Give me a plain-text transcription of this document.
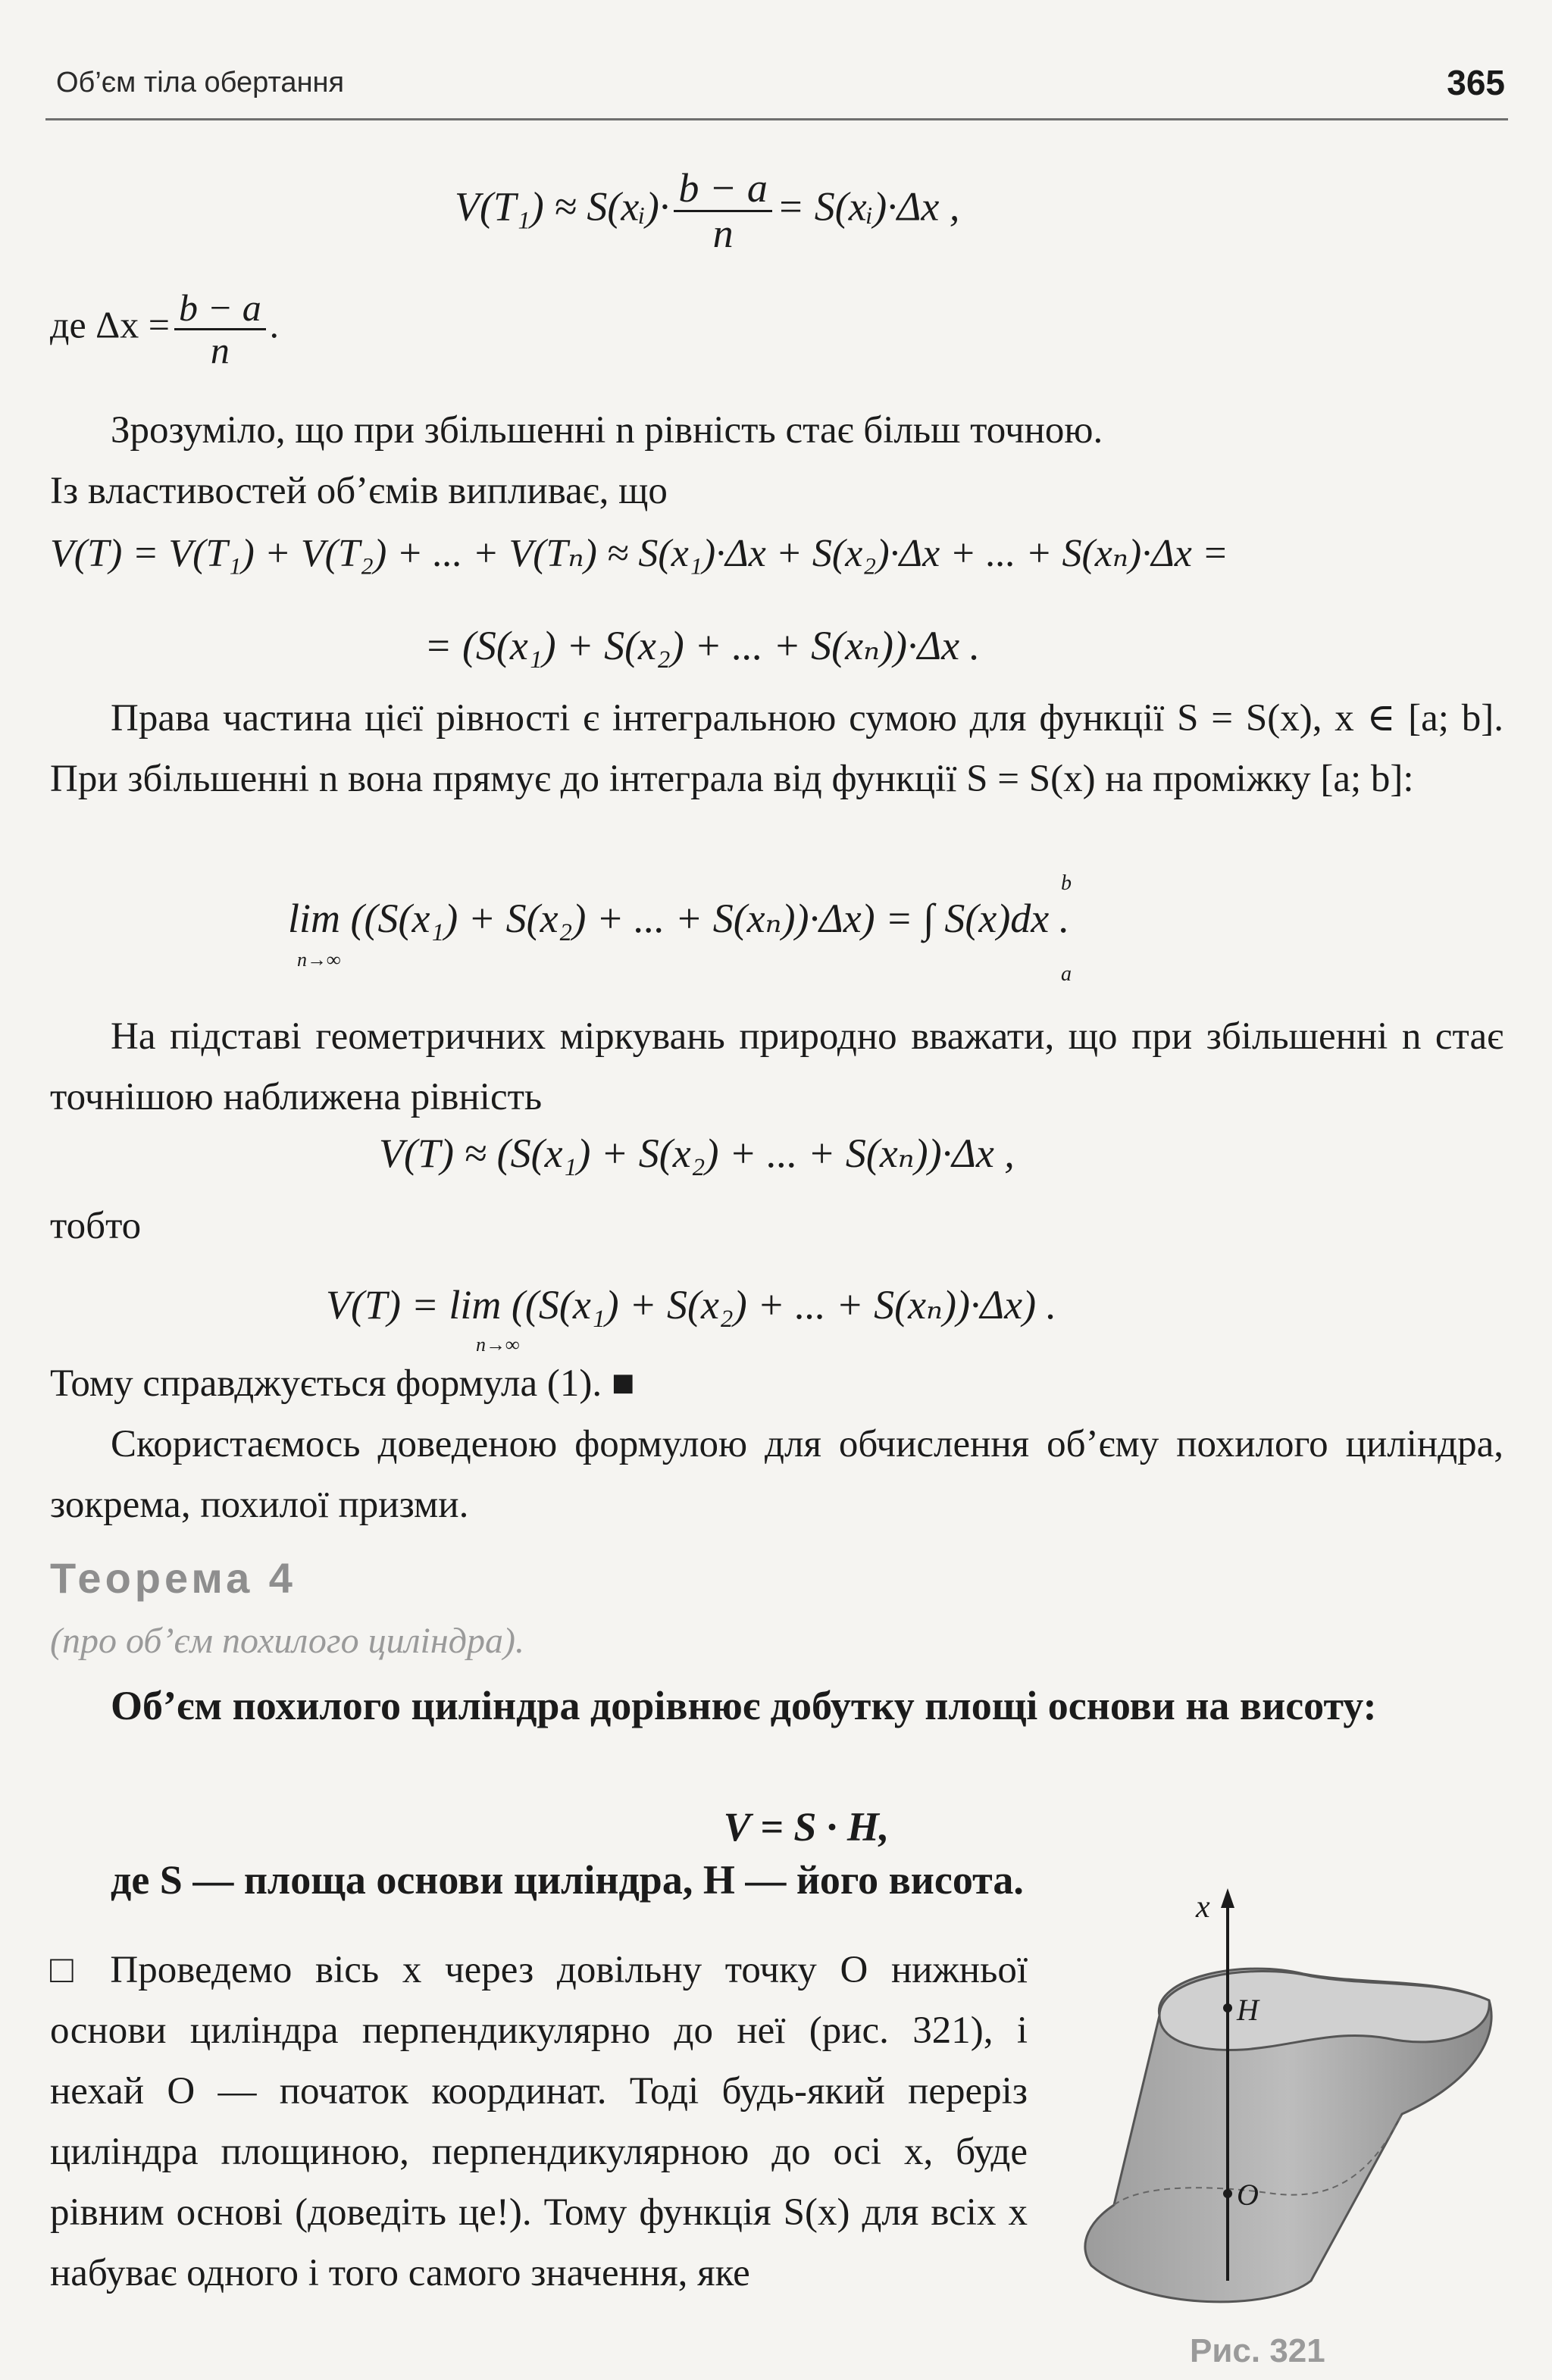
Об’єм тіла обертання	365
V(T₁) ≈ S(xᵢ)· $\frac{b - a}{n}$ = S(xᵢ)·Δx ,
де $\Delta x = \frac{b - a}{n}$ .
Зрозуміло, що при збільшенні n рівність стає більш точною.
Із властивостей об’ємів випливає, що
V(T) = V(T₁) + V(T₂) + ... + V(Tₙ) ≈ S(x₁)·Δx + S(x₂)·Δx + ... + S(xₙ)·Δx =
= (S(x₁) + S(x₂) + ... + S(xₙ))·Δx .
Права частина цієї рівності є інтегральною сумою для функції S = S(x), x ∈ [a; b]. При збільшенні n вона прямує до інтеграла від функції S = S(x) на проміжку [a; b]:
lim ((S(x₁) + S(x₂) + ... + S(xₙ))·Δx) = ∫ S(x)dx .
n→∞
b
a
На підставі геометричних міркувань природно вважати, що при збільшенні n стає точнішою наближена рівність
V(T) ≈ (S(x₁) + S(x₂) + ... + S(xₙ))·Δx ,
тобто
V(T) = lim ((S(x₁) + S(x₂) + ... + S(xₙ))·Δx) .
n→∞
Тому справджується формула (1). ■
Скористаємось доведеною формулою для обчислення об’єму похилого циліндра, зокрема, похилої призми.
Теорема 4
(про об’єм похилого циліндра).
Об’єм похилого циліндра дорівнює добутку площі основи на висоту:
V = S · H,
де S — площа основи циліндра, H — його висота.
□ Проведемо вісь x через довільну точку O нижньої основи циліндра перпендикулярно до неї (рис. 321), і нехай O — початок координат. Тоді будь-який переріз циліндра площиною, перпендикулярною до осі x, буде рівним основі (доведіть це!). Тому функція S(x) для всіх x набуває одного і того самого значення, яке
x
H
O
Рис. 321
